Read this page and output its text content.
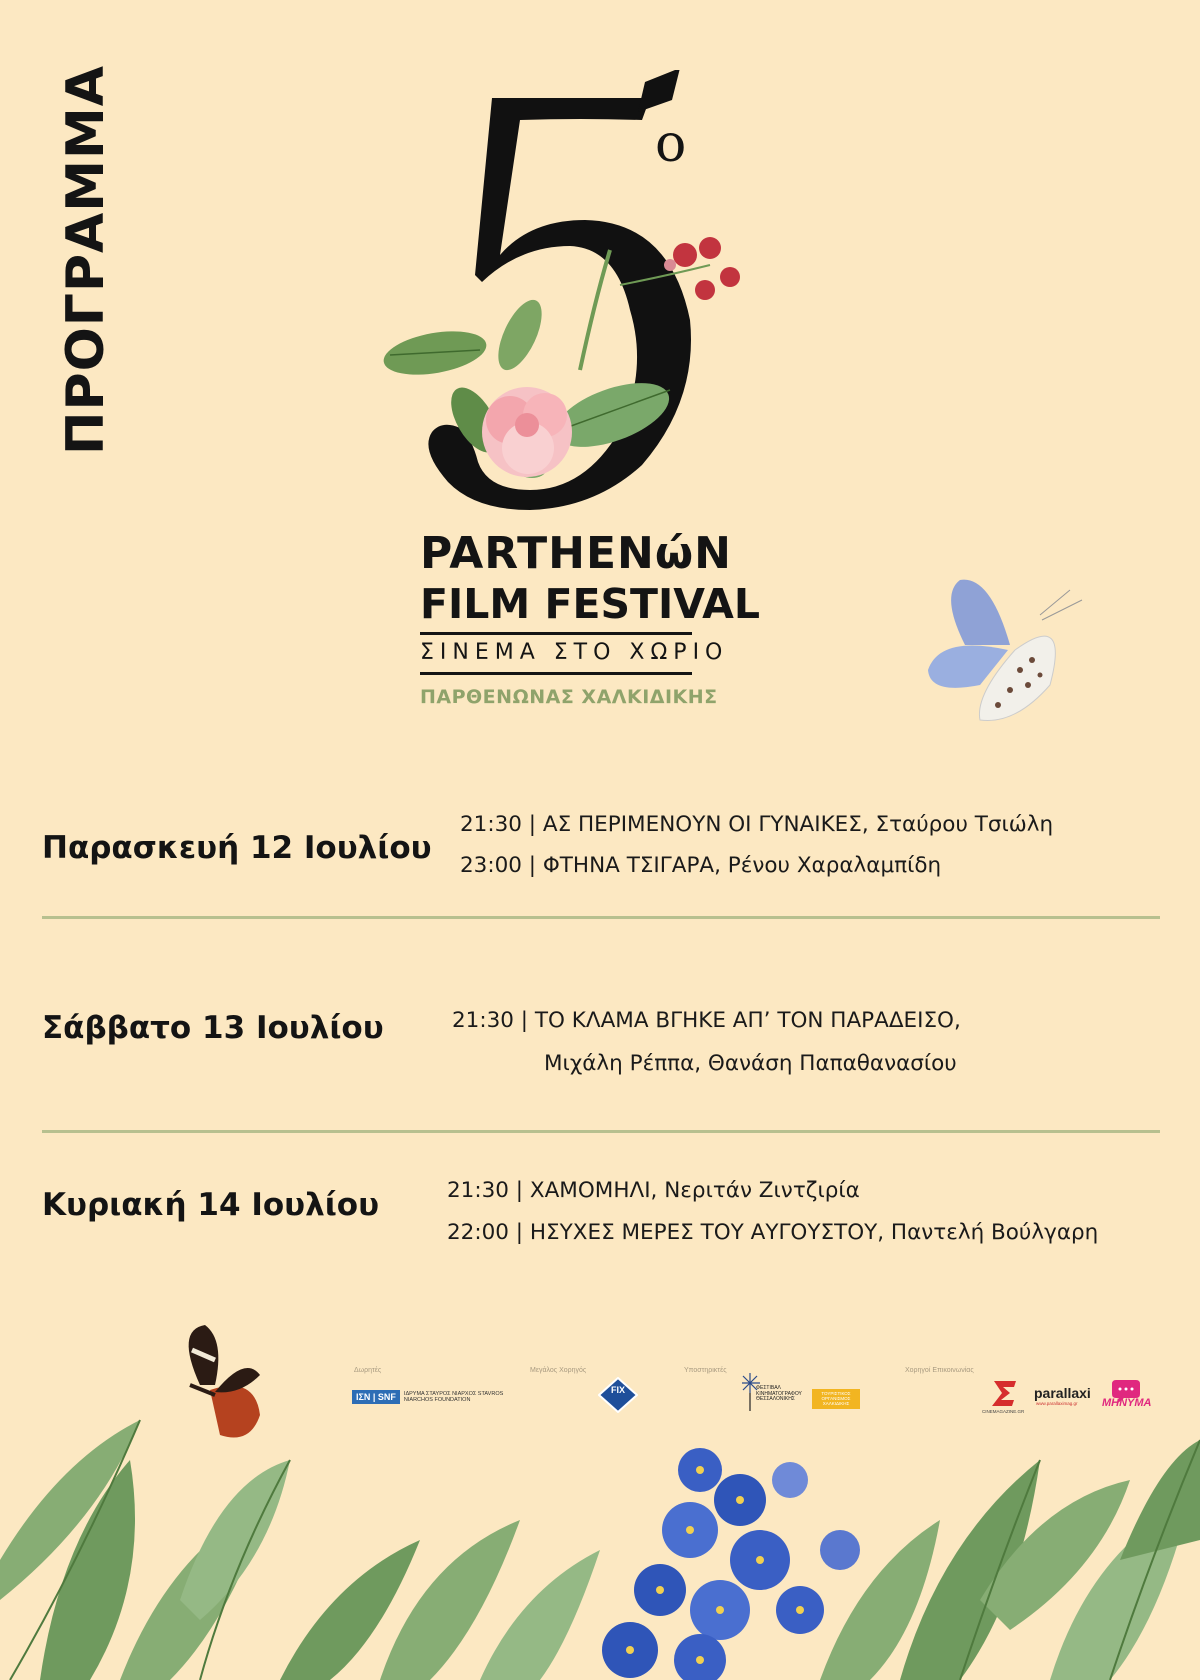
ΠΡΟΓΡΑΜΜΑ	ο
PARTHENώN
FILM FESTIVAL
ΣΙΝΕΜΑ ΣΤΟ ΧΩΡΙΟ
ΠΑΡΘΕΝΩΝΑΣ ΧΑΛΚΙΔΙΚΗΣ
Παρασκευή 12 Ιουλίου
21:30 | ΑΣ ΠΕΡΙΜΕΝΟΥΝ ΟΙ ΓΥΝΑΙΚΕΣ, Σταύρου Τσιώλη
23:00 | ΦΤΗΝΑ ΤΣΙΓΑΡΑ, Ρένου Χαραλαμπίδη
Σάββατο 13 Ιουλίου	21:30 | ΤΟ ΚΛΑΜΑ ΒΓΗΚΕ ΑΠ’ ΤΟΝ ΠΑΡΑΔΕΙΣΟ,
Μιχάλη Ρέππα, Θανάση Παπαθανασίου
Κυριακή 14 Ιουλίου	21:30 | ΧΑΜΟΜΗΛΙ, Νεριτάν Ζιντζιρία
22:00 | ΗΣΥΧΕΣ ΜΕΡΕΣ ΤΟΥ ΑΥΓΟΥΣΤΟΥ, Παντελή Βούλγαρη
Δωρητές	Μεγάλος Χορηγός	Υποστηρικτές	Χορηγοί Επικοινωνίας
ΙΣΝ | SNF	ΙΔΡΥΜΑ ΣΤΑΥΡΟΣ ΝΙΑΡΧΟΣ STAVROS NIARCHOS FOUNDATION
FIX	ΦΕΣΤΙΒΑΛ ΚΙΝΗΜΑΤΟΓΡΑΦΟΥ ΘΕΣΣΑΛΟΝΙΚΗΣ
ΤΟΥΡΙΣΤΙΚΟΣ ΟΡΓΑΝΙΣΜΟΣ ΧΑΛΚΙΔΙΚΗΣ
CINEMAGAZINE.GR
parallaxi
www.parallaximag.gr ΜΗΝΥΜΑ
